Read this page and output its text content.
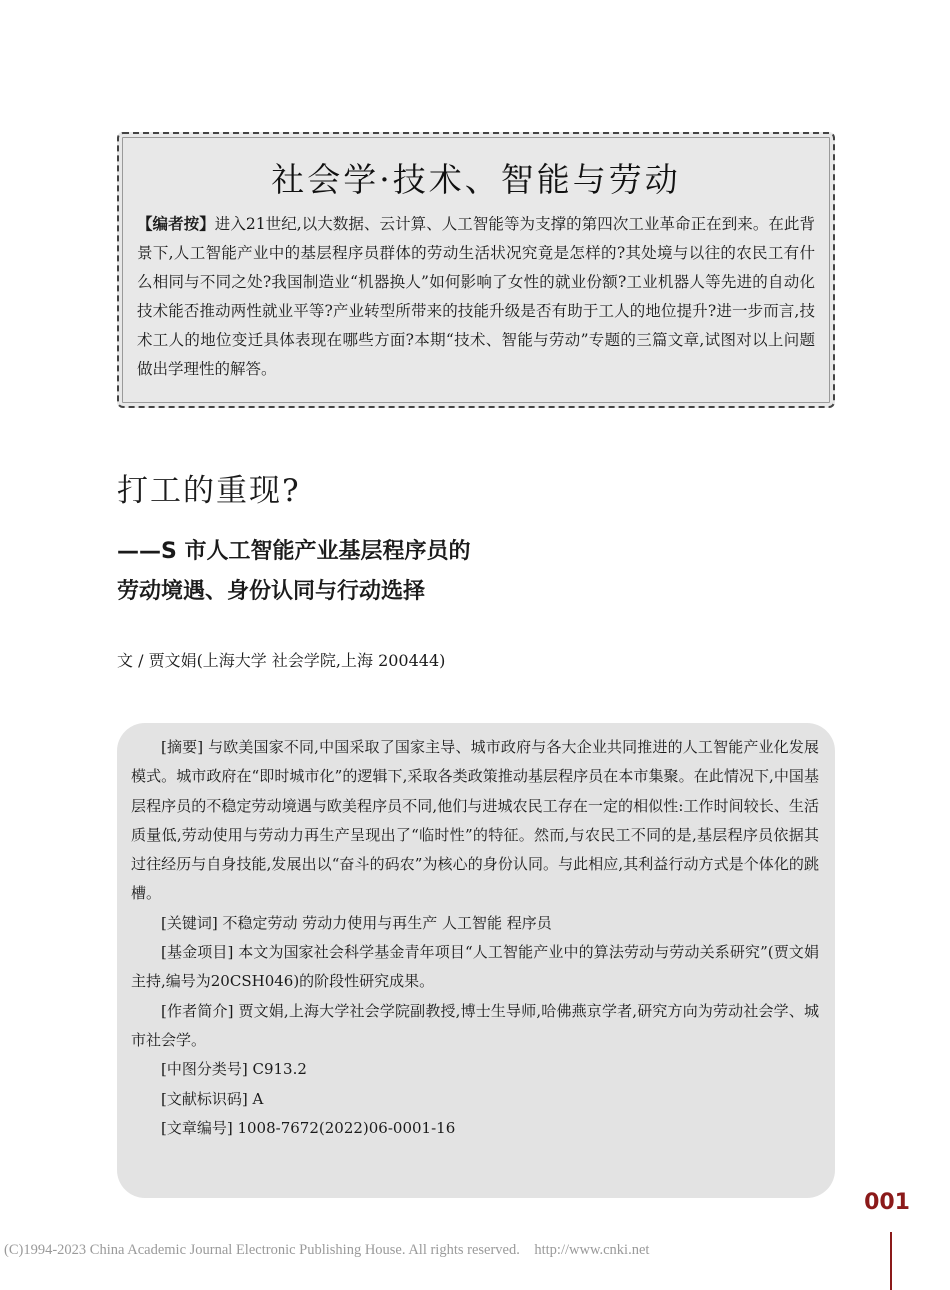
社会学·技术、智能与劳动

【编者按】进入21世纪,以大数据、云计算、人工智能等为支撑的第四次工业革命正在到来。在此背景下,人工智能产业中的基层程序员群体的劳动生活状况究竟是怎样的?其处境与以往的农民工有什么相同与不同之处?我国制造业“机器换人”如何影响了女性的就业份额?工业机器人等先进的自动化技术能否推动两性就业平等?产业转型所带来的技能升级是否有助于工人的地位提升?进一步而言,技术工人的地位变迁具体表现在哪些方面?本期“技术、智能与劳动”专题的三篇文章,试图对以上问题做出学理性的解答。

打工的重现?
——S 市人工智能产业基层程序员的
劳动境遇、身份认同与行动选择
文 / 贾文娟(上海大学 社会学院,上海 200444)

[摘要] 与欧美国家不同,中国采取了国家主导、城市政府与各大企业共同推进的人工智能产业化发展模式。城市政府在“即时城市化”的逻辑下,采取各类政策推动基层程序员在本市集聚。在此情况下,中国基层程序员的不稳定劳动境遇与欧美程序员不同,他们与进城农民工存在一定的相似性:工作时间较长、生活质量低,劳动使用与劳动力再生产呈现出了“临时性”的特征。然而,与农民工不同的是,基层程序员依据其过往经历与自身技能,发展出以“奋斗的码农”为核心的身份认同。与此相应,其利益行动方式是个体化的跳槽。

[关键词] 不稳定劳动 劳动力使用与再生产 人工智能 程序员

[基金项目] 本文为国家社会科学基金青年项目“人工智能产业中的算法劳动与劳动关系研究”(贾文娟主持,编号为20CSH046)的阶段性研究成果。

[作者简介] 贾文娟,上海大学社会学院副教授,博士生导师,哈佛燕京学者,研究方向为劳动社会学、城市社会学。

[中图分类号] C913.2

[文献标识码] A

[文章编号] 1008-7672(2022)06-0001-16

001
(C)1994-2023 China Academic Journal Electronic Publishing House. All rights reserved.    http://www.cnki.net
